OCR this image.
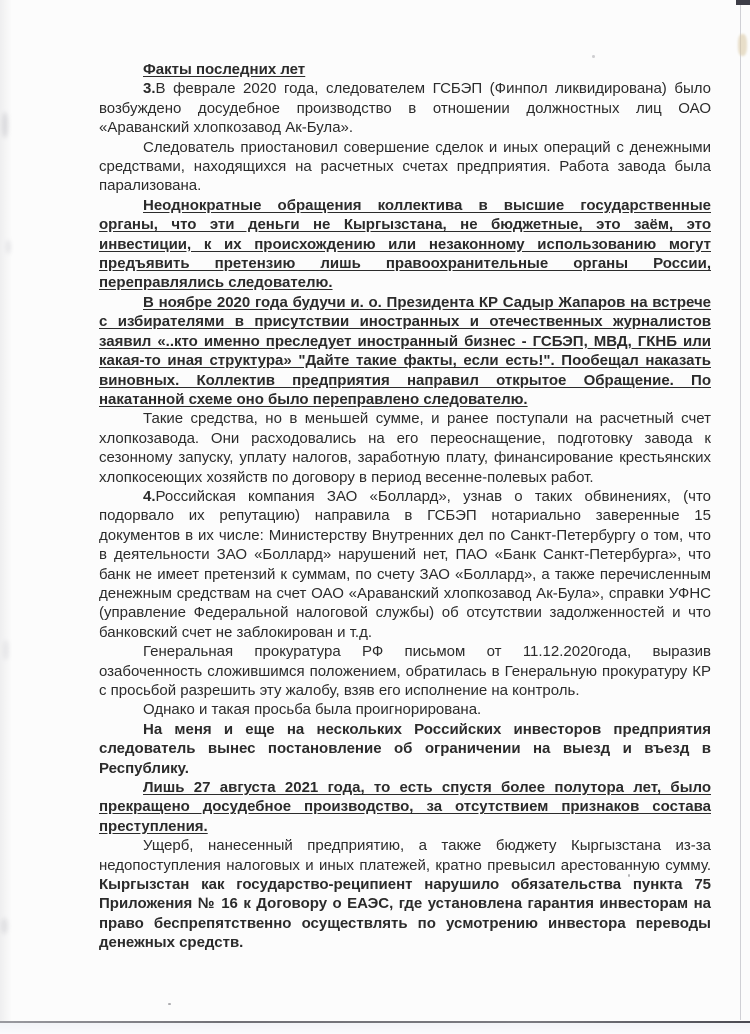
Факты последних лет

3.В феврале 2020 года, следователем ГСБЭП (Финпол ликвидирована) было возбуждено досудебное производство в отношении должностных лиц ОАО «Араванский хлопкозавод Ак-Була».

Следователь приостановил совершение сделок и иных операций с денежными средствами, находящихся на расчетных счетах предприятия. Работа завода была парализована.

Неоднократные обращения коллектива в высшие государственные органы, что эти деньги не Кыргызстана, не бюджетные, это заём, это инвестиции, к их происхождению или незаконному использованию могут предъявить претензию лишь правоохранительные органы России, переправлялись следователю.

В ноябре 2020 года будучи и. о. Президента КР Садыр Жапаров на встрече с избирателями в присутствии иностранных и отечественных журналистов заявил «..кто именно преследует иностранный бизнес - ГСБЭП, МВД, ГКНБ или какая-то иная структура» "Дайте такие факты, если есть!". Пообещал наказать виновных. Коллектив предприятия направил открытое Обращение. По накатанной схеме оно было переправлено следователю.

Такие средства, но в меньшей сумме, и ранее поступали на расчетный счет хлопкозавода. Они расходовались на его переоснащение, подготовку завода к сезонному запуску, уплату налогов, заработную плату, финансирование крестьянских хлопкосеющих хозяйств по договору в период весенне-полевых работ.

4.Российская компания ЗАО «Боллард», узнав о таких обвинениях, (что подорвало их репутацию) направила в ГСБЭП нотариально заверенные 15 документов в их числе: Министерству Внутренних дел по Санкт-Петербургу о том, что в деятельности ЗАО «Боллард» нарушений нет, ПАО «Банк Санкт-Петербурга», что банк не имеет претензий к суммам, по счету ЗАО «Боллард», а также перечисленным денежным средствам на счет ОАО «Араванский хлопкозавод Ак-Була», справки УФНС (управление Федеральной налоговой службы) об отсутствии задолженностей и что банковский счет не заблокирован и т.д.

Генеральная прокуратура РФ письмом от 11.12.2020года, выразив озабоченность сложившимся положением, обратилась в Генеральную прокуратуру КР с просьбой разрешить эту жалобу, взяв его исполнение на контроль.

Однако и такая просьба была проигнорирована.

На меня и еще на нескольких Российских инвесторов предприятия следователь вынес постановление об ограничении на выезд и въезд в Республику.

Лишь 27 августа 2021 года, то есть спустя более полутора лет, было прекращено досудебное производство, за отсутствием признаков состава преступления.

Ущерб, нанесенный предприятию, а также бюджету Кыргызстана из-за недопоступления налоговых и иных платежей, кратно превысил арестованную сумму. Кыргызстан как государство-реципиент нарушило обязательства пункта 75 Приложения № 16 к Договору о ЕАЭС, где установлена гарантия инвесторам на право беспрепятственно осуществлять по усмотрению инвестора переводы денежных средств.
